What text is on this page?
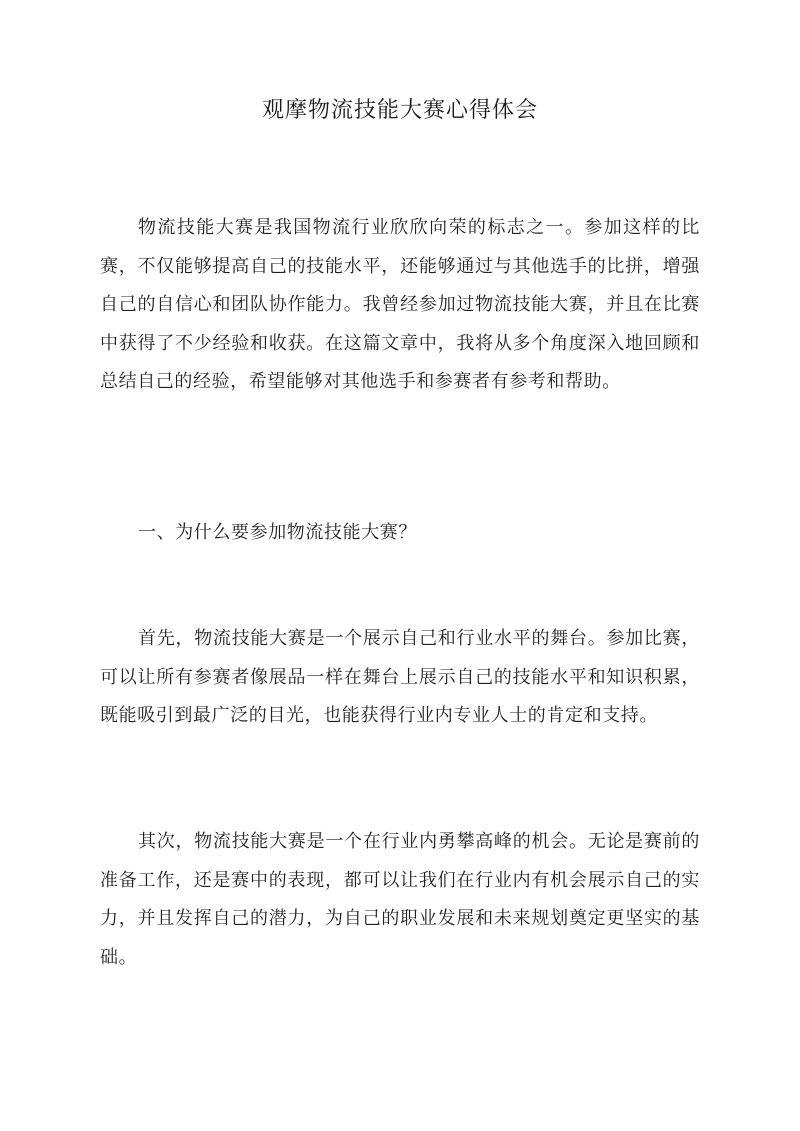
观摩物流技能大赛心得体会

物流技能大赛是我国物流行业欣欣向荣的标志之一。参加这样的比赛，不仅能够提高自己的技能水平，还能够通过与其他选手的比拼，增强自己的自信心和团队协作能力。我曾经参加过物流技能大赛，并且在比赛中获得了不少经验和收获。在这篇文章中，我将从多个角度深入地回顾和总结自己的经验，希望能够对其他选手和参赛者有参考和帮助。

一、为什么要参加物流技能大赛？

首先，物流技能大赛是一个展示自己和行业水平的舞台。参加比赛，可以让所有参赛者像展品一样在舞台上展示自己的技能水平和知识积累，既能吸引到最广泛的目光，也能获得行业内专业人士的肯定和支持。

其次，物流技能大赛是一个在行业内勇攀高峰的机会。无论是赛前的准备工作，还是赛中的表现，都可以让我们在行业内有机会展示自己的实力，并且发挥自己的潜力，为自己的职业发展和未来规划奠定更坚实的基础。
